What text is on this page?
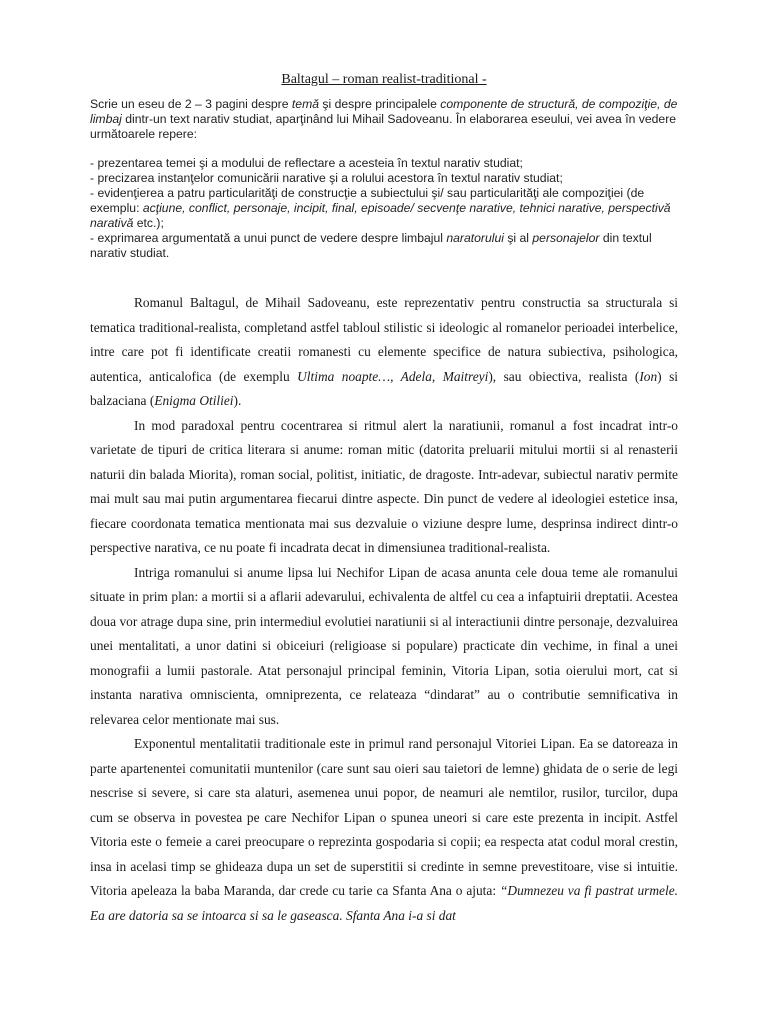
Baltagul – roman realist-traditional -

Scrie un eseu de 2 – 3 pagini despre temă şi despre principalele componente de structură, de compoziţie, de limbaj dintr-un text narativ studiat, aparţinând lui Mihail Sadoveanu. În elaborarea eseului, vei avea în vedere următoarele repere:

- prezentarea temei şi a modului de reflectare a acesteia în textul narativ studiat;

- precizarea instanţelor comunicării narative şi a rolului acestora în textul narativ studiat;

- evidenţierea a patru particularităţi de construcţie a subiectului şi/ sau particularităţi ale compoziţiei (de exemplu: acţiune, conflict, personaje, incipit, final, episoade/ secvenţe narative, tehnici narative, perspectivă narativă etc.);

- exprimarea argumentată a unui punct de vedere despre limbajul naratorului şi al personajelor din textul narativ studiat.

Romanul Baltagul, de Mihail Sadoveanu, este reprezentativ pentru constructia sa structurala si tematica traditional-realista, completand astfel tabloul stilistic si ideologic al romanelor perioadei interbelice, intre care pot fi identificate creatii romanesti cu elemente specifice de natura subiectiva, psihologica, autentica, anticalofica (de exemplu Ultima noapte…, Adela, Maitreyi), sau obiectiva, realista (Ion) si balzaciana (Enigma Otiliei).

In mod paradoxal pentru cocentrarea si ritmul alert la naratiunii, romanul a fost incadrat intr-o varietate de tipuri de critica literara si anume: roman mitic (datorita preluarii mitului mortii si al renasterii naturii din balada Miorita), roman social, politist, initiatic, de dragoste. Intr-adevar, subiectul narativ permite mai mult sau mai putin argumentarea fiecarui dintre aspecte. Din punct de vedere al ideologiei estetice insa, fiecare coordonata tematica mentionata mai sus dezvaluie o viziune despre lume, desprinsa indirect dintr-o perspective narativa, ce nu poate fi incadrata decat in dimensiunea traditional-realista.

Intriga romanului si anume lipsa lui Nechifor Lipan de acasa anunta cele doua teme ale romanului situate in prim plan: a mortii si a aflarii adevarului, echivalenta de altfel cu cea a infaptuirii dreptatii. Acestea doua vor atrage dupa sine, prin intermediul evolutiei naratiunii si al interactiunii dintre personaje, dezvaluirea unei mentalitati, a unor datini si obiceiuri (religioase si populare) practicate din vechime, in final a unei monografii a lumii pastorale. Atat personajul principal feminin, Vitoria Lipan, sotia oierului mort, cat si instanta narativa omniscienta, omniprezenta, ce relateaza “dindarat” au o contributie semnificativa in relevarea celor mentionate mai sus.

Exponentul mentalitatii traditionale este in primul rand personajul Vitoriei Lipan. Ea se datoreaza in parte apartenentei comunitatii muntenilor (care sunt sau oieri sau taietori de lemne) ghidata de o serie de legi nescrise si severe, si care sta alaturi, asemenea unui popor, de neamuri ale nemtilor, rusilor, turcilor, dupa cum se observa in povestea pe care Nechifor Lipan o spunea uneori si care este prezenta in incipit. Astfel Vitoria este o femeie a carei preocupare o reprezinta gospodaria si copii; ea respecta atat codul moral crestin, insa in acelasi timp se ghideaza dupa un set de superstitii si credinte in semne prevestitoare, vise si intuitie. Vitoria apeleaza la baba Maranda, dar crede cu tarie ca Sfanta Ana o ajuta: “Dumnezeu va fi pastrat urmele. Ea are datoria sa se intoarca si sa le gaseasca. Sfanta Ana i-a si dat
